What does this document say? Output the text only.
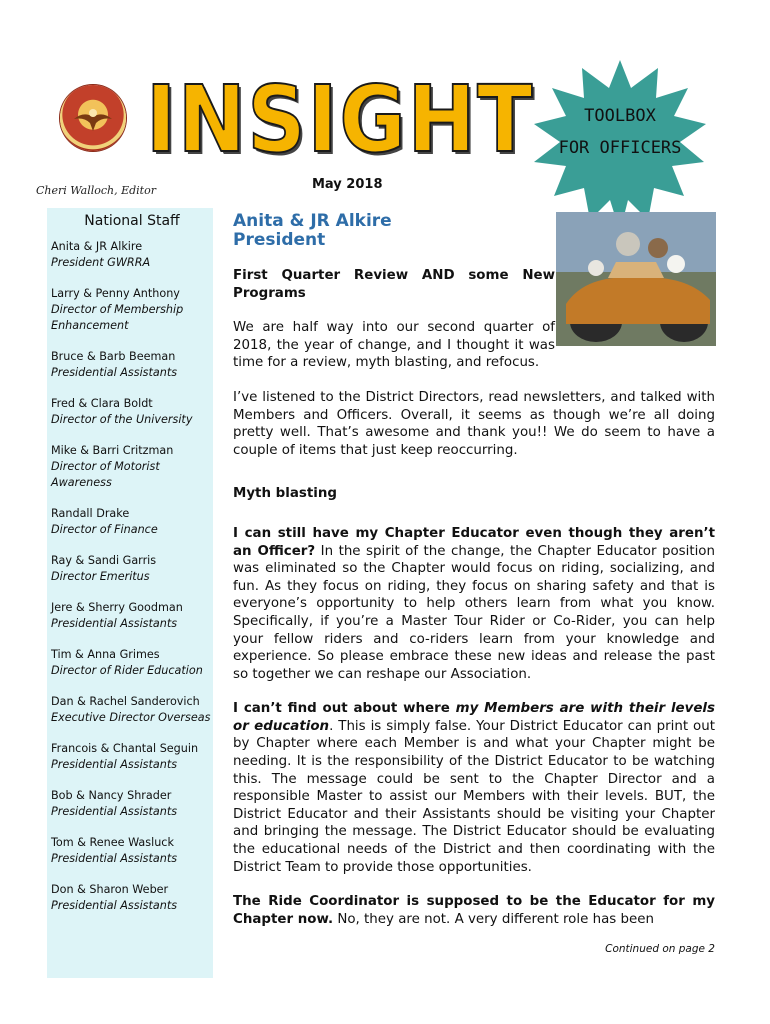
INSIGHT	TOOLBOX
FOR OFFICERS
Cheri Walloch, Editor	May 2018
National Staff
Anita & JR Alkire
President GWRRA
Larry & Penny Anthony
Director of Membership Enhancement
Bruce & Barb Beeman
Presidential Assistants
Fred & Clara Boldt
Director of the University
Mike & Barri Critzman
Director of Motorist Awareness
Randall Drake
Director of Finance
Ray & Sandi Garris
Director Emeritus
Jere & Sherry Goodman
Presidential Assistants
Tim & Anna Grimes
Director of Rider Education
Dan & Rachel Sanderovich
Executive Director Overseas
Francois & Chantal Seguin
Presidential Assistants
Bob & Nancy Shrader
Presidential Assistants
Tom & Renee Wasluck
Presidential Assistants
Don & Sharon Weber
Presidential Assistants
Anita & JR Alkire
President

First Quarter Review AND some New Programs

We are half way into our second quarter of 2018, the year of change, and I thought it was time for a review, myth blasting, and refocus.

I’ve listened to the District Directors, read newsletters, and talked with Members and Officers. Overall, it seems as though we’re all doing pretty well. That’s awesome and thank you!! We do seem to have a couple of items that just keep reoccurring.

Myth blasting

I can still have my Chapter Educator even though they aren’t an Officer? In the spirit of the change, the Chapter Educator position was eliminated so the Chapter would focus on riding, socializing, and fun. As they focus on riding, they focus on sharing safety and that is everyone’s opportunity to help others learn from what you know. Specifically, if you’re a Master Tour Rider or Co-Rider, you can help your fellow riders and co-riders learn from your knowledge and experience. So please embrace these new ideas and release the past so together we can reshape our Association.

I can’t find out about where my Members are with their levels or education. This is simply false. Your District Educator can print out by Chapter where each Member is and what your Chapter might be needing. It is the responsibility of the District Educator to be watching this. The message could be sent to the Chapter Director and a responsible Master to assist our Members with their levels. BUT, the District Educator and their Assistants should be visiting your Chapter and bringing the message. The District Educator should be evaluating the educational needs of the District and then coordinating with the District Team to provide those opportunities.

The Ride Coordinator is supposed to be the Educator for my Chapter now. No, they are not. A very different role has been

Continued on page 2
